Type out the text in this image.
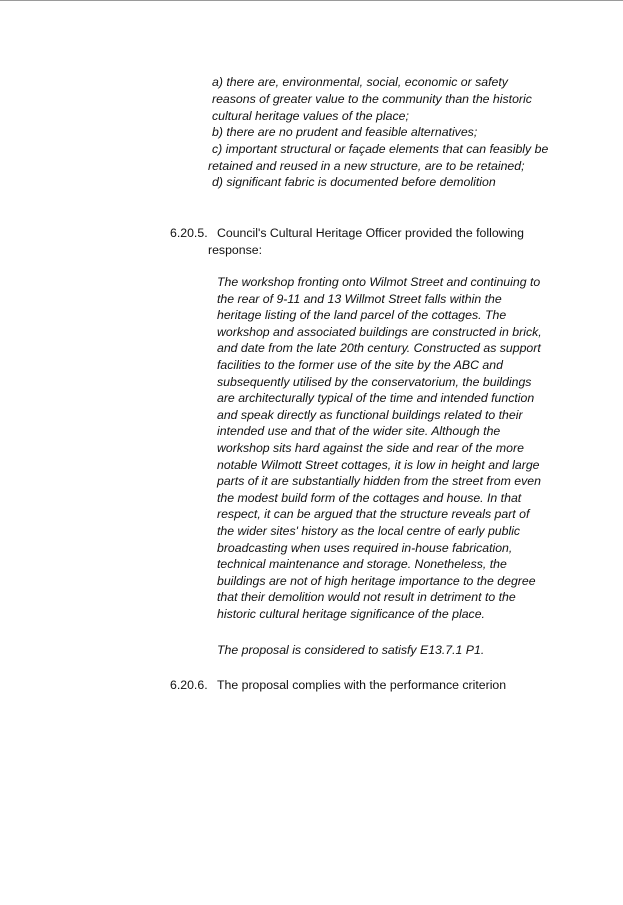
a) there are, environmental, social, economic or safety
reasons of greater value to the community than the historic
cultural heritage values of the place;
b) there are no prudent and feasible alternatives;
c) important structural or façade elements that can feasibly be
retained and reused in a new structure, are to be retained;
d) significant fabric is documented before demolition
6.20.5. Council's Cultural Heritage Officer provided the following
response:
The workshop fronting onto Wilmot Street and continuing to
the rear of 9-11 and 13 Willmot Street falls within the
heritage listing of the land parcel of the cottages. The
workshop and associated buildings are constructed in brick,
and date from the late 20th century. Constructed as support
facilities to the former use of the site by the ABC and
subsequently utilised by the conservatorium, the buildings
are architecturally typical of the time and intended function
and speak directly as functional buildings related to their
intended use and that of the wider site. Although the
workshop sits hard against the side and rear of the more
notable Wilmott Street cottages, it is low in height and large
parts of it are substantially hidden from the street from even
the modest build form of the cottages and house. In that
respect, it can be argued that the structure reveals part of
the wider sites' history as the local centre of early public
broadcasting when uses required in-house fabrication,
technical maintenance and storage. Nonetheless, the
buildings are not of high heritage importance to the degree
that their demolition would not result in detriment to the
historic cultural heritage significance of the place.
The proposal is considered to satisfy E13.7.1 P1.
6.20.6. The proposal complies with the performance criterion
